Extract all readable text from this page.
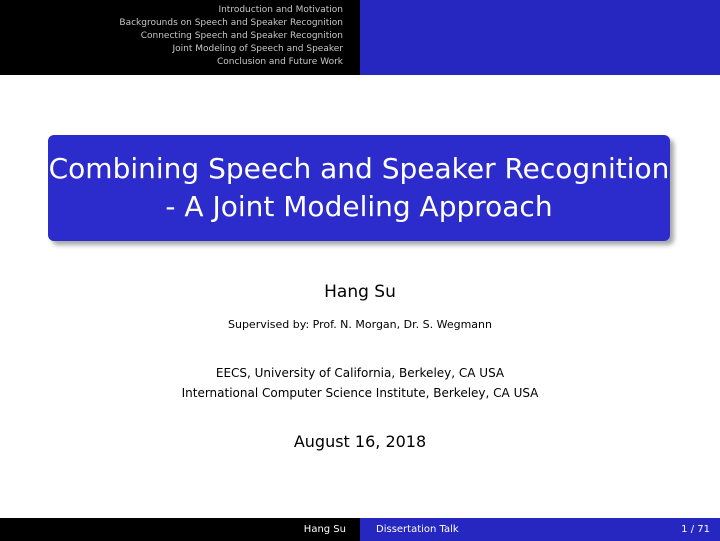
Introduction and Motivation
Backgrounds on Speech and Speaker Recognition
Connecting Speech and Speaker Recognition
Joint Modeling of Speech and Speaker
Conclusion and Future Work
Combining Speech and Speaker Recognition
- A Joint Modeling Approach
Hang Su
Supervised by: Prof. N. Morgan, Dr. S. Wegmann
EECS, University of California, Berkeley, CA USA
International Computer Science Institute, Berkeley, CA USA
August 16, 2018
Hang Su	Dissertation Talk	1 / 71
